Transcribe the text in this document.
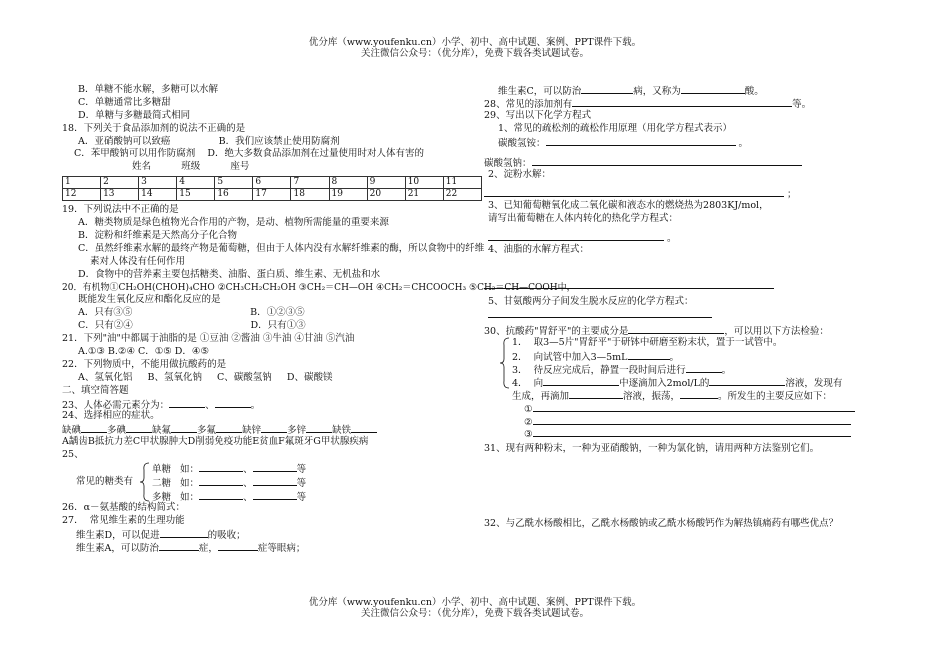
优分库（www.youfenku.cn）小学、初中、高中试题、案例、PPT课件下载。
关注微信公众号：（优分库），免费下载各类试题试卷。
B．单糖不能水解，多糖可以水解
C．单糖通常比多糖甜
D．单糖与多糖最简式相同
18．下列关于食品添加剂的说法不正确的是
A．亚硝酸钠可以致癌                B．我们应该禁止使用防腐剂
C．苯甲酸钠可以用作防腐剂    D．绝大多数食品添加剂在过量使用时对人体有害的
姓名          班级          座号
1	2	3	4	5	6	7	8	9	10	11
12	13	14	15	16	17	18	19	20	21	22
19．下列说法中不正确的是
A．糖类物质是绿色植物光合作用的产物，是动、植物所需能量的重要来源
B．淀粉和纤维素是天然高分子化合物
C．虽然纤维素水解的最终产物是葡萄糖，但由于人体内没有水解纤维素的酶，所以食物中的纤维
素对人体没有任何作用
D．食物中的营养素主要包括糖类、油脂、蛋白质、维生素、无机盐和水
20．有机物①CH₂OH(CHOH)₄CHO ②CH₃CH₂CH₂OH ③CH₂＝CH—OH ④CH₂＝CHCOOCH₃ ⑤CH₂＝CH—COOH中，
既能发生氧化反应和酯化反应的是
A．只有③⑤                                       B．①②③⑤
C．只有②④                                       D．只有①③
21．下列"油"中都属于油脂的是 ①豆油 ②酱油 ③牛油 ④甘油 ⑤汽油
A.①③ B.②④ C．①⑤ D．④⑤
22．下列物质中，不能用做抗酸药的是
A、氢氧化铝     B、氢氧化钠     C、碳酸氢钠     D、碳酸镁
二、填空简答题
23、人体必需元素分为：	、	。
24、选择相应的症状。
缺碘	多碘	缺氟	多氟	缺锌	多锌	缺铁
A龋齿B抵抗力差C甲状腺肿大D削弱免疫功能E贫血F氟斑牙G甲状腺疾病
25、
常见的糖类有
单糖   如：	、	等
二糖   如：	、	等
多糖   如：	、	等
26．α－氨基酸的结构简式：
27．  常见维生素的生理功能
维生素D，可以促进	的吸收；
维生素A，可以防治	症，	症等眼病；
维生素C，可以防治	病，又称为	酸。
28、常见的添加剂有	等。
29、写出以下化学方程式
1、常见的疏松剂的疏松作用原理（用化学方程式表示）
碳酸氢铵：	。
碳酸氢钠：
2、淀粉水解：
；
3、已知葡萄糖氧化成二氧化碳和液态水的燃烧热为2803KJ/mol，
请写出葡萄糖在人体内转化的热化学方程式：
。
4、油脂的水解方程式：
5、甘氨酸两分子间发生脱水反应的化学方程式：
30、抗酸药"胃舒平"的主要成分是	，可以用以下方法检验：
1．  取3—5片"胃舒平"于研钵中研磨至粉末状，置于一试管中。
2．  向试管中加入3—5mL	。
3．  待反应完成后，静置一段时间后进行	。
4．  向	中逐滴加入2mol/L的	溶液，发现有
生成，再滴加	溶液，振荡，	。所发生的主要反应如下：
①
②
③
31、现有两种粉末，一种为亚硝酸钠，一种为氯化钠，请用两种方法鉴别它们。
32、与乙酰水杨酸相比，乙酰水杨酸钠或乙酰水杨酸钙作为解热镇痛药有哪些优点？
优分库（www.youfenku.cn）小学、初中、高中试题、案例、PPT课件下载。
关注微信公众号：（优分库），免费下载各类试题试卷。
